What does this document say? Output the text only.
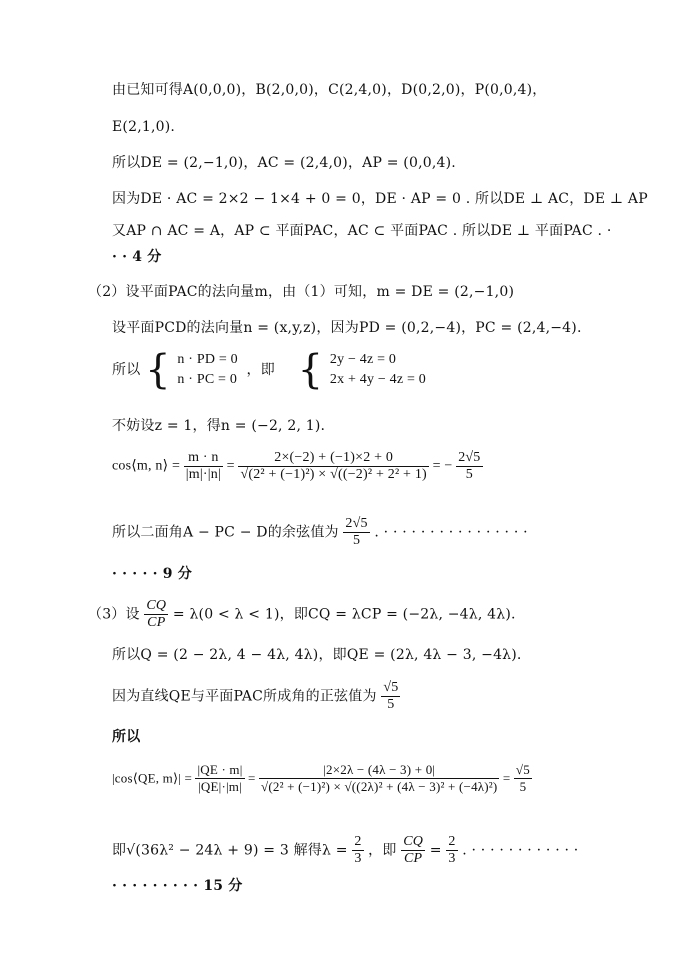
由已知可得A(0,0,0)，B(2,0,0)，C(2,4,0)，D(0,2,0)，P(0,0,4)，
E(2,1,0).
所以DE = (2,−1,0)，AC = (2,4,0)，AP = (0,0,4).
因为DE · AC = 2×2 − 1×4 + 0 = 0，DE · AP = 0 . 所以DE ⊥ AC，DE ⊥ AP
又AP ∩ AC = A，AP ⊂ 平面PAC，AC ⊂ 平面PAC . 所以DE ⊥ 平面PAC . ·
· · 4 分
（2）设平面PAC的法向量m，由（1）可知，m = DE = (2,−1,0)
设平面PCD的法向量n = (x,y,z)，因为PD = (0,2,−4)，PC = (2,4,−4).
所以 { n · PD = 0
n · PC = 0
，即 { 2y − 4z = 0
2x + 4y − 4z = 0
不妨设z = 1，得n = (−2, 2, 1).
cos⟨m, n⟩ = $\frac{m \cdot n}{|m|\cdot|n|} = \frac{2\times(-2) + (-1)\times 2 + 0}{\text{√(2² + (−1)²) × √((−2)² + 2² + 1)}}$ = − $\frac{2√5}{5}$
所以二面角A − PC − D的余弦值为 $\frac{2√5}{5}$ . · · · · · · · · · · · · · · · ·
· · · · · 9 分
（3）设 $\frac{CQ}{CP} = \lambda(0 < \lambda < 1)$，即CQ = λCP = (−2λ, −4λ, 4λ).
所以Q = (2 − 2λ, 4 − 4λ, 4λ)，即QE = (2λ, 4λ − 3, −4λ).
因为直线QE与平面PAC所成角的正弦值为 $\frac{√5}{5}$
所以
|cos⟨QE, m⟩| = $\frac{|QE \cdot m|}{|QE|\cdot|m|} = \frac{|2\times 2\lambda - (4\lambda - 3) + 0|}{\text{√(2² + (−1)²) × √((2λ)² + (4λ − 3)² + (−4λ)²)}} = \frac{√5}{5}$
即√(36λ² − 24λ + 9) = 3 解得$\lambda = \frac{2}{3}$ ，即 $\frac{CQ}{CP} = \frac{2}{3}$ . · · · · · · · · · · · ·
· · · · · · · · · 15 分
